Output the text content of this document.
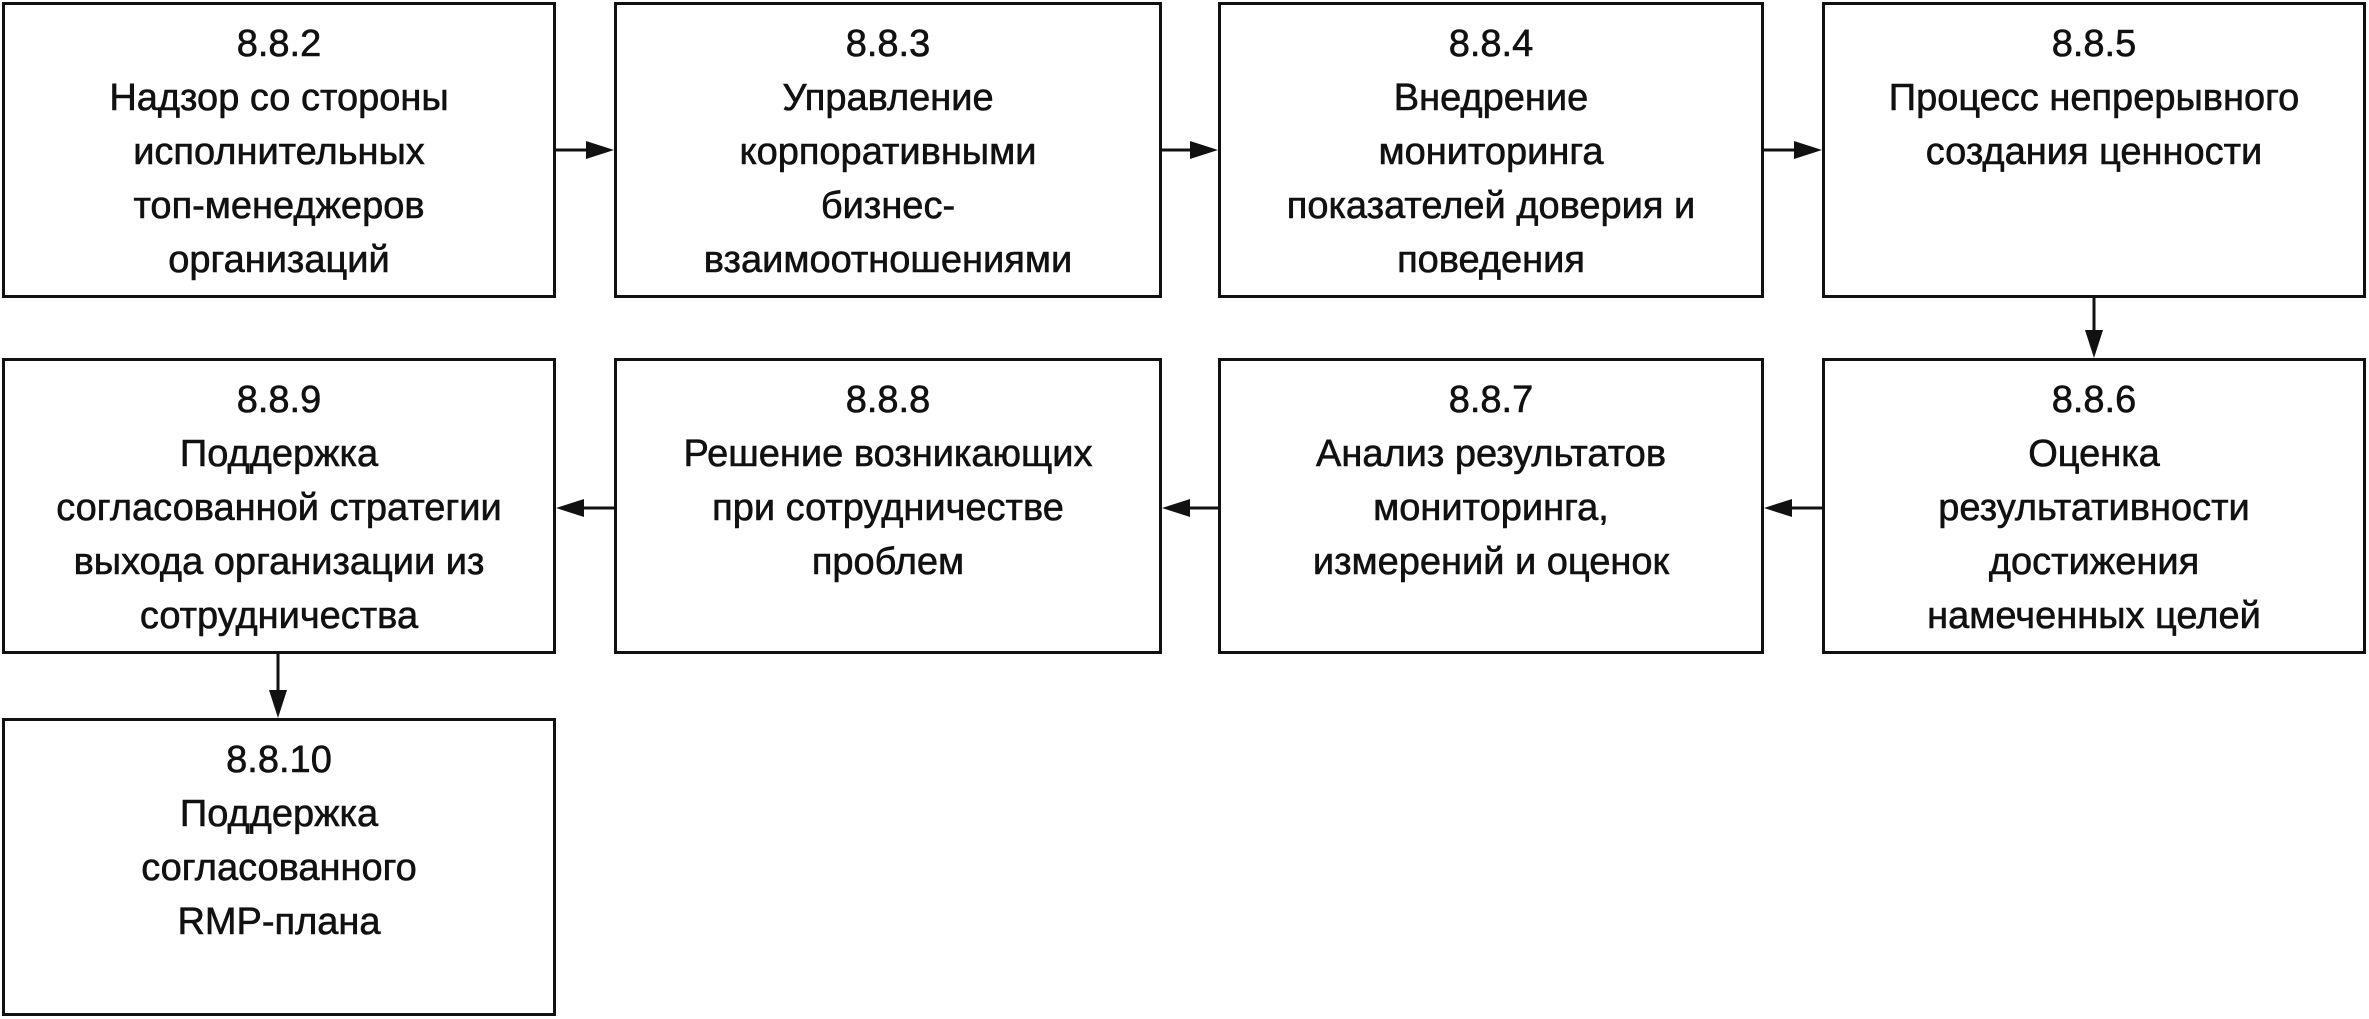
8.8.2
Надзор со стороны
исполнительных
топ-менеджеров
организаций
8.8.3
Управление
корпоративными
бизнес-
взаимоотношениями
8.8.4
Внедрение
мониторинга
показателей доверия и
поведения
8.8.5
Процесс непрерывного
создания ценности
8.8.6
Оценка
результативности
достижения
намеченных целей
8.8.7
Анализ результатов
мониторинга,
измерений и оценок
8.8.8
Решение возникающих
при сотрудничестве
проблем
8.8.9
Поддержка
согласованной стратегии
выхода организации из
сотрудничества
8.8.10
Поддержка
согласованного
RMP-плана
